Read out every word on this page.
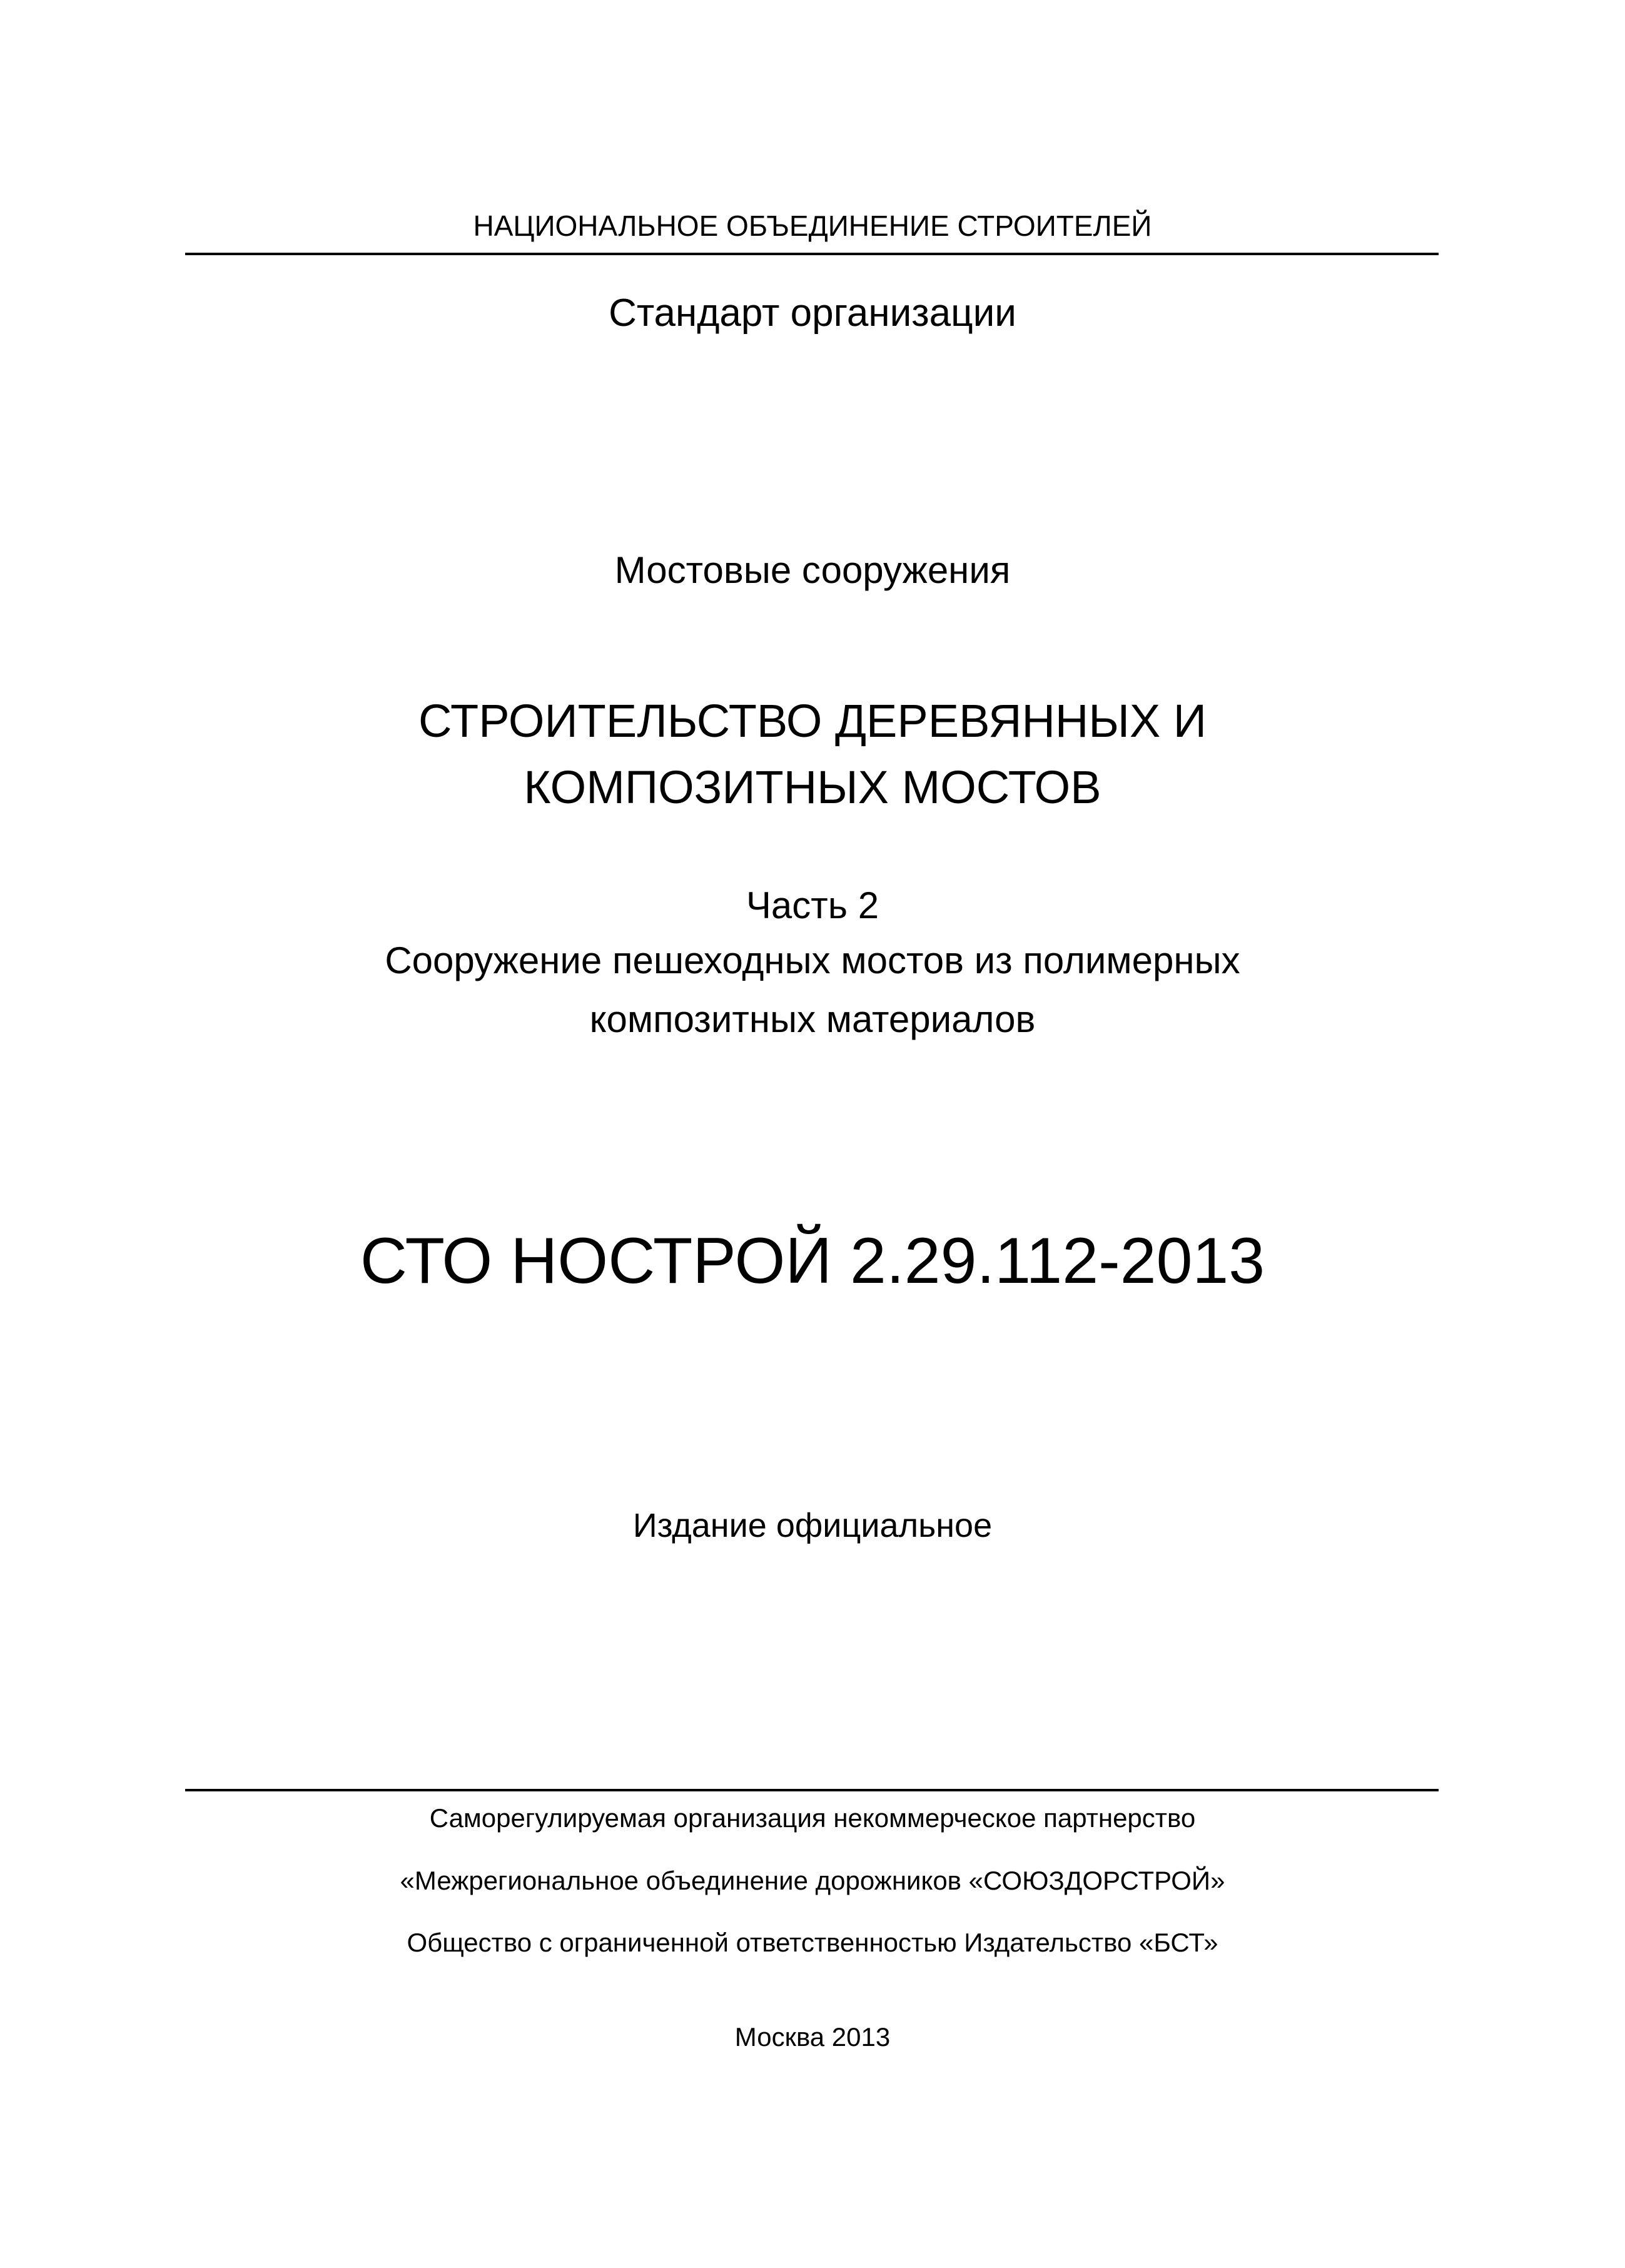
НАЦИОНАЛЬНОЕ ОБЪЕДИНЕНИЕ СТРОИТЕЛЕЙ
Стандарт организации
Мостовые сооружения
СТРОИТЕЛЬСТВО ДЕРЕВЯННЫХ И
КОМПОЗИТНЫХ МОСТОВ
Часть 2
Сооружение пешеходных мостов из полимерных
композитных материалов
СТО НОСТРОЙ 2.29.112-2013
Издание официальное
Саморегулируемая организация некоммерческое партнерство
«Межрегиональное объединение дорожников «СОЮЗДОРСТРОЙ»
Общество с ограниченной ответственностью Издательство «БСТ»
Москва 2013
